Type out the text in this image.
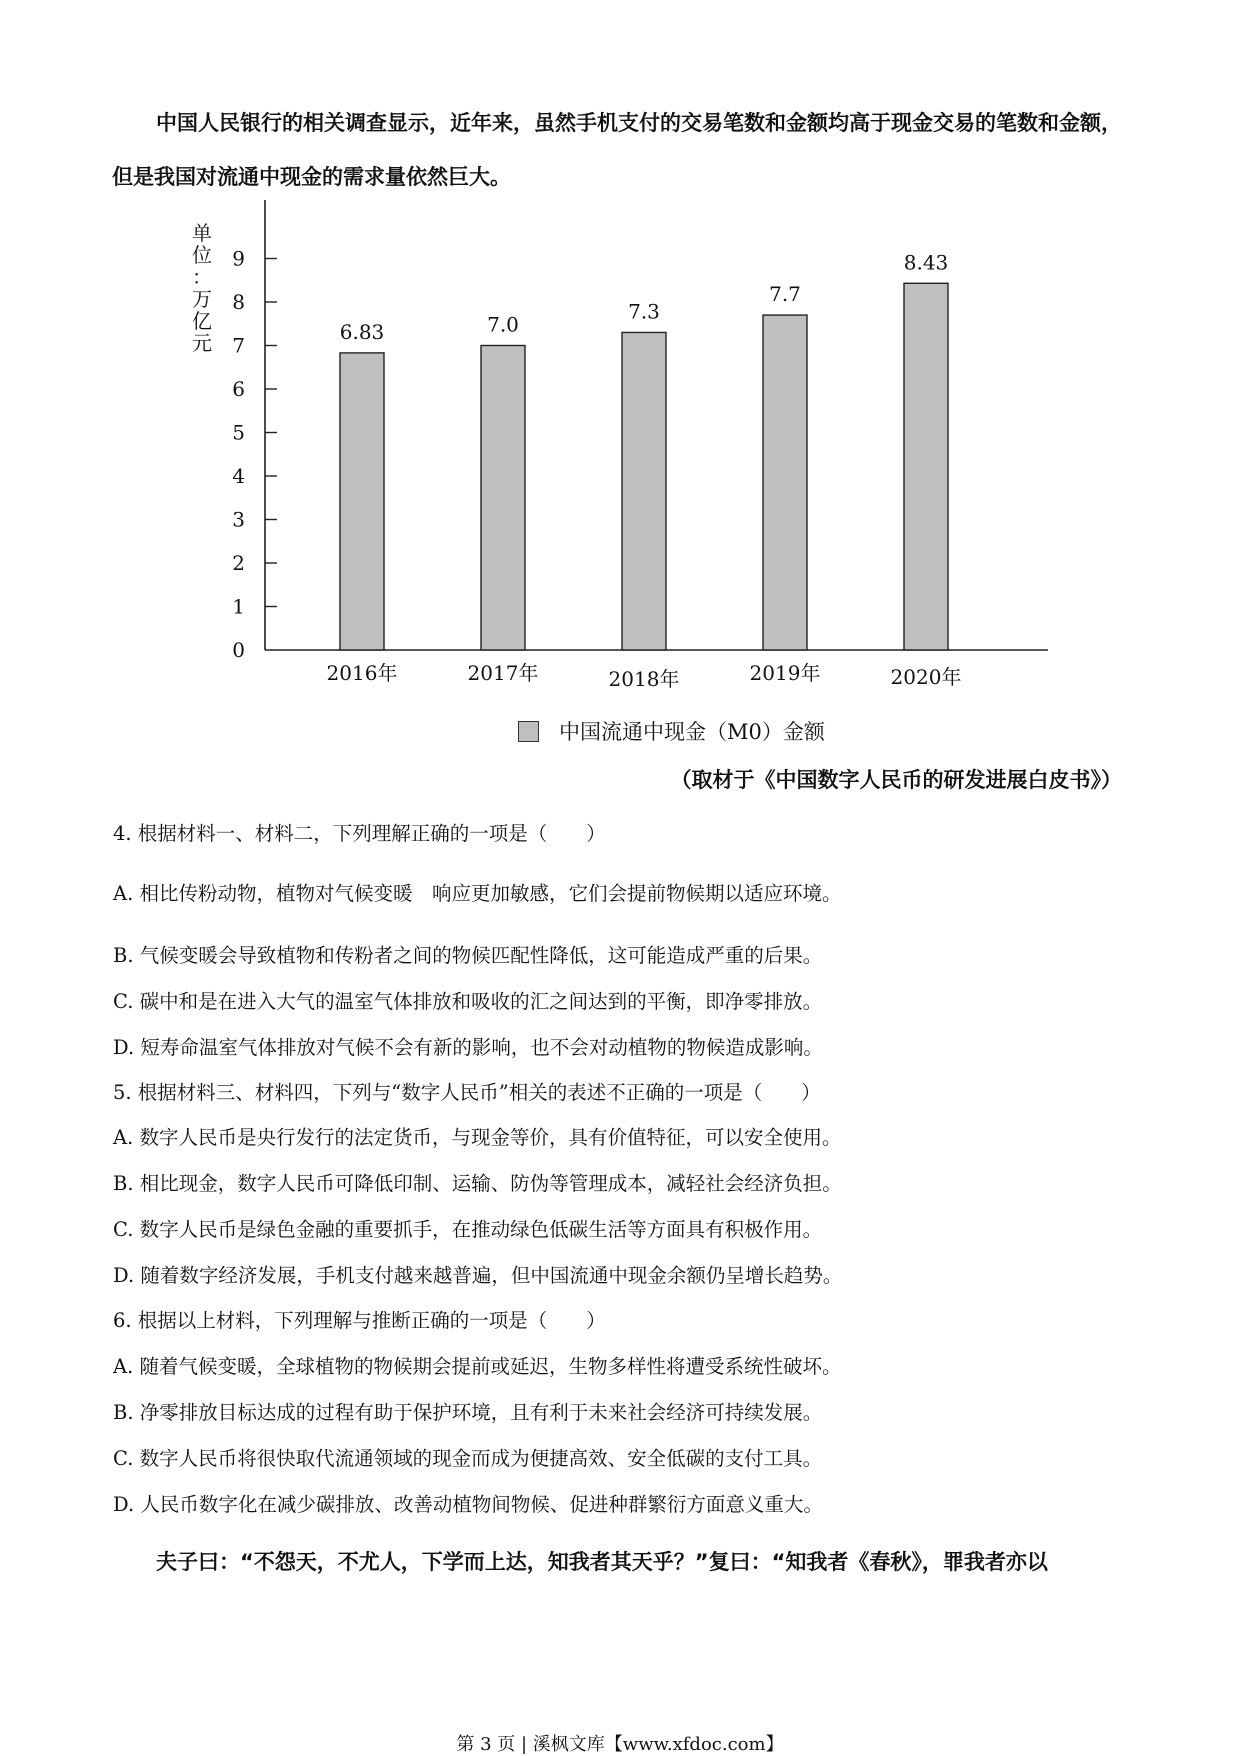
中国人民银行的相关调查显示，近年来，虽然手机支付的交易笔数和金额均高于现金交易的笔数和金额，但是我国对流通中现金的需求量依然巨大。

0
1
2
3
4
5
6
7
8
9
单
位
：
万
亿
元	6.83
2016年
7.0
2017年
7.3
2018年
7.7
2019年
8.43
2020年
中国流通中现金（M0）金额
（取材于《中国数字人民币的研发进展白皮书》）
4. 根据材料一、材料二，下列理解正确的一项是（　　）
A. 相比传粉动物，植物对气候变暖　响应更加敏感，它们会提前物候期以适应环境。
B. 气候变暖会导致植物和传粉者之间的物候匹配性降低，这可能造成严重的后果。
C. 碳中和是在进入大气的温室气体排放和吸收的汇之间达到的平衡，即净零排放。
D. 短寿命温室气体排放对气候不会有新的影响，也不会对动植物的物候造成影响。
5. 根据材料三、材料四，下列与“数字人民币”相关的表述不正确的一项是（　　）
A. 数字人民币是央行发行的法定货币，与现金等价，具有价值特征，可以安全使用。
B. 相比现金，数字人民币可降低印制、运输、防伪等管理成本，减轻社会经济负担。
C. 数字人民币是绿色金融的重要抓手，在推动绿色低碳生活等方面具有积极作用。
D. 随着数字经济发展，手机支付越来越普遍，但中国流通中现金余额仍呈增长趋势。
6. 根据以上材料，下列理解与推断正确的一项是（　　）
A. 随着气候变暖，全球植物的物候期会提前或延迟，生物多样性将遭受系统性破坏。
B. 净零排放目标达成的过程有助于保护环境，且有利于未来社会经济可持续发展。
C. 数字人民币将很快取代流通领域的现金而成为便捷高效、安全低碳的支付工具。
D. 人民币数字化在减少碳排放、改善动植物间物候、促进种群繁衍方面意义重大。
夫子曰：“不怨天，不尤人，下学而上达，知我者其天乎？”复曰：“知我者《春秋》，罪我者亦以
第 3 页 | 溪枫文库【www.xfdoc.com】
